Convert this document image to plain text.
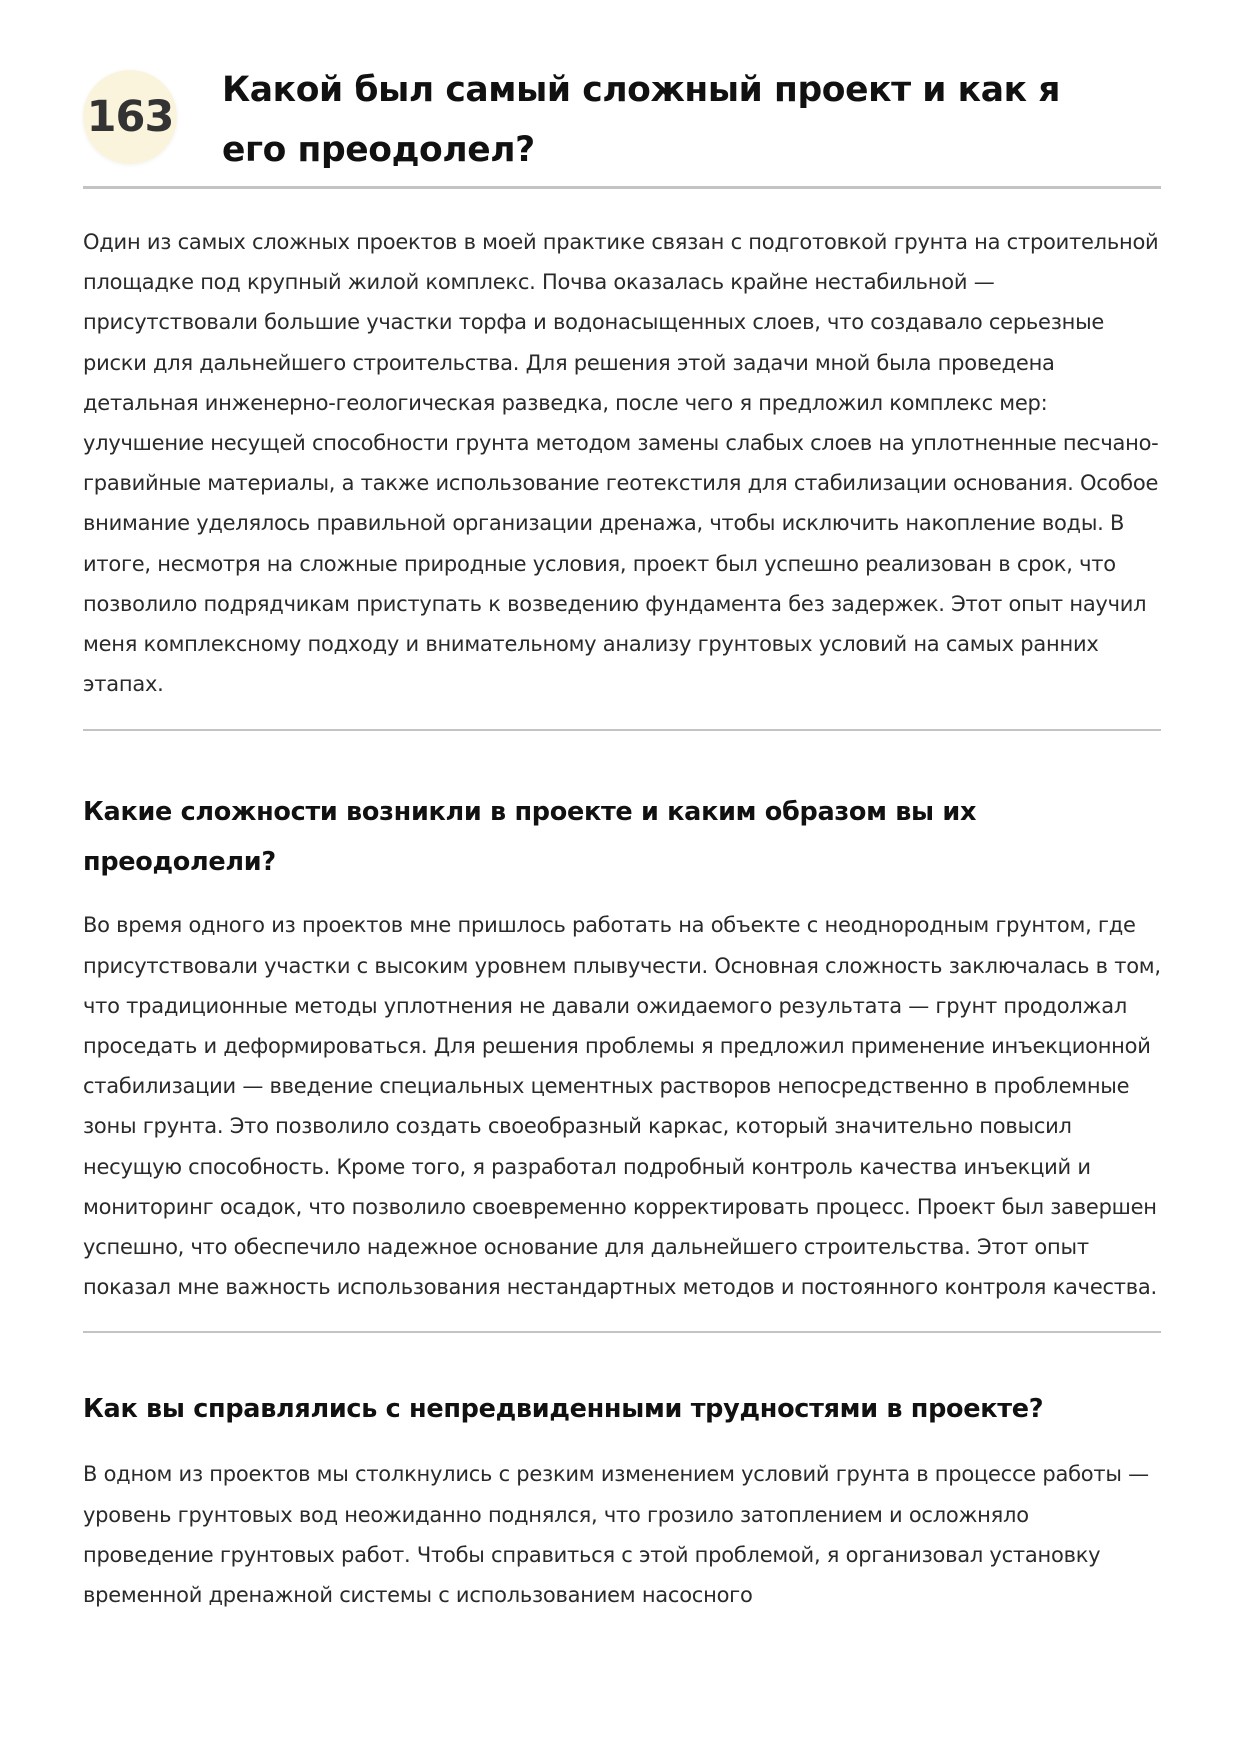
163
Какой был самый сложный проект и как я его преодолел?

Один из самых сложных проектов в моей практике связан с подготовкой грунта на строительной площадке под крупный жилой комплекс. Почва оказалась крайне нестабильной — присутствовали большие участки торфа и водонасыщенных слоев, что создавало серьезные риски для дальнейшего строительства. Для решения этой задачи мной была проведена детальная инженерно-геологическая разведка, после чего я предложил комплекс мер: улучшение несущей способности грунта методом замены слабых слоев на уплотненные песчано-гравийные материалы, а также использование геотекстиля для стабилизации основания. Особое внимание уделялось правильной организации дренажа, чтобы исключить накопление воды. В итоге, несмотря на сложные природные условия, проект был успешно реализован в срок, что позволило подрядчикам приступать к возведению фундамента без задержек. Этот опыт научил меня комплексному подходу и внимательному анализу грунтовых условий на самых ранних этапах.

Какие сложности возникли в проекте и каким образом вы их преодолели?

Во время одного из проектов мне пришлось работать на объекте с неоднородным грунтом, где присутствовали участки с высоким уровнем плывучести. Основная сложность заключалась в том, что традиционные методы уплотнения не давали ожидаемого результата — грунт продолжал проседать и деформироваться. Для решения проблемы я предложил применение инъекционной стабилизации — введение специальных цементных растворов непосредственно в проблемные зоны грунта. Это позволило создать своеобразный каркас, который значительно повысил несущую способность. Кроме того, я разработал подробный контроль качества инъекций и мониторинг осадок, что позволило своевременно корректировать процесс. Проект был завершен успешно, что обеспечило надежное основание для дальнейшего строительства. Этот опыт показал мне важность использования нестандартных методов и постоянного контроля качества.

Как вы справлялись с непредвиденными трудностями в проекте?

В одном из проектов мы столкнулись с резким изменением условий грунта в процессе работы — уровень грунтовых вод неожиданно поднялся, что грозило затоплением и осложняло проведение грунтовых работ. Чтобы справиться с этой проблемой, я организовал установку временной дренажной системы с использованием насосного
